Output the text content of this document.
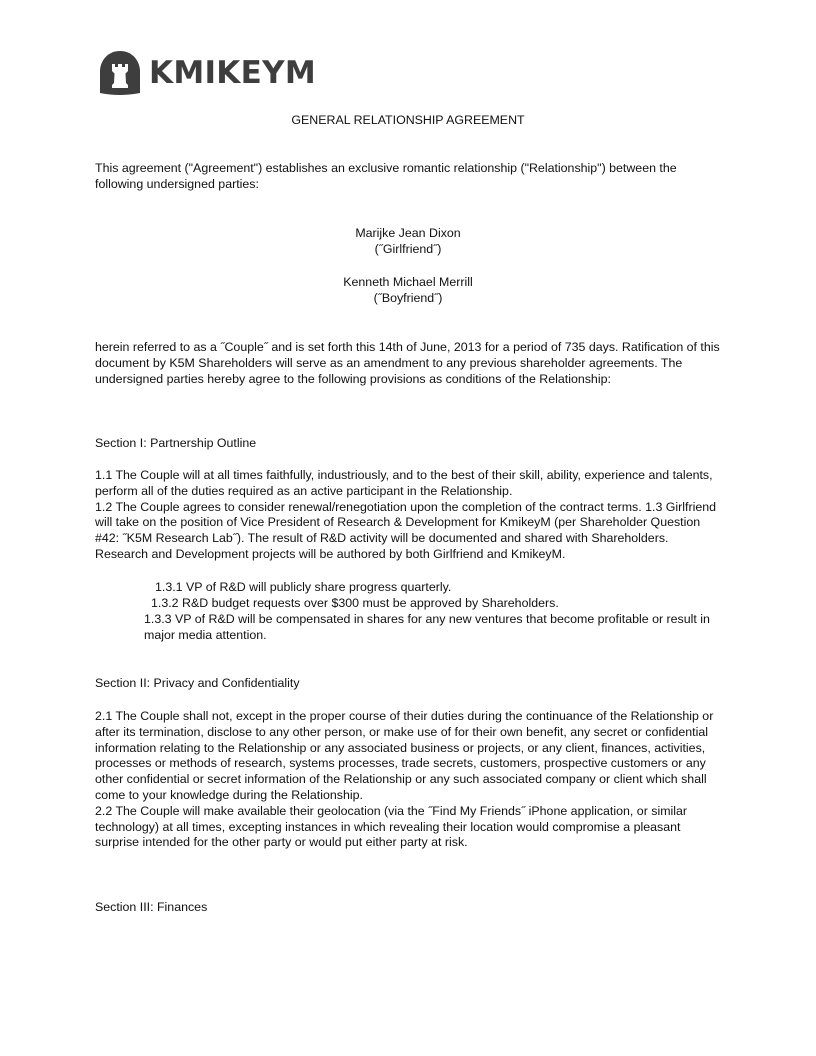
KMIKEYM
GENERAL RELATIONSHIP AGREEMENT

This agreement ("Agreement") establishes an exclusive romantic relationship ("Relationship") between the following undersigned parties:

Marijke Jean Dixon
(˝Girlfriend˝)
Kenneth Michael Merrill
(˝Boyfriend˝)

herein referred to as a ˝Couple˝ and is set forth this 14th of June, 2013 for a period of 735 days. Ratification of this document by K5M Shareholders will serve as an amendment to any previous shareholder agreements. The undersigned parties hereby agree to the following provisions as conditions of the Relationship:

Section I: Partnership Outline

1.1 The Couple will at all times faithfully, industriously, and to the best of their skill, ability, experience and talents, perform all of the duties required as an active participant in the Relationship.
1.2 The Couple agrees to consider renewal/renegotiation upon the completion of the contract terms. 1.3 Girlfriend will take on the position of Vice President of Research & Development for KmikeyM (per Shareholder Question #42: ˝K5M Research Lab˝). The result of R&D activity will be documented and shared with Shareholders. Research and Development projects will be authored by both Girlfriend and KmikeyM.

1.3.1 VP of R&D will publicly share progress quarterly.

1.3.2 R&D budget requests over $300 must be approved by Shareholders.

1.3.3 VP of R&D will be compensated in shares for any new ventures that become profitable or result in major media attention.

Section II: Privacy and Confidentiality

2.1 The Couple shall not, except in the proper course of their duties during the continuance of the Relationship or after its termination, disclose to any other person, or make use of for their own benefit, any secret or confidential information relating to the Relationship or any associated business or projects, or any client, finances, activities, processes or methods of research, systems processes, trade secrets, customers, prospective customers or any other confidential or secret information of the Relationship or any such associated company or client which shall come to your knowledge during the Relationship.
2.2 The Couple will make available their geolocation (via the ˝Find My Friends˝ iPhone application, or similar technology) at all times, excepting instances in which revealing their location would compromise a pleasant surprise intended for the other party or would put either party at risk.

Section III: Finances
